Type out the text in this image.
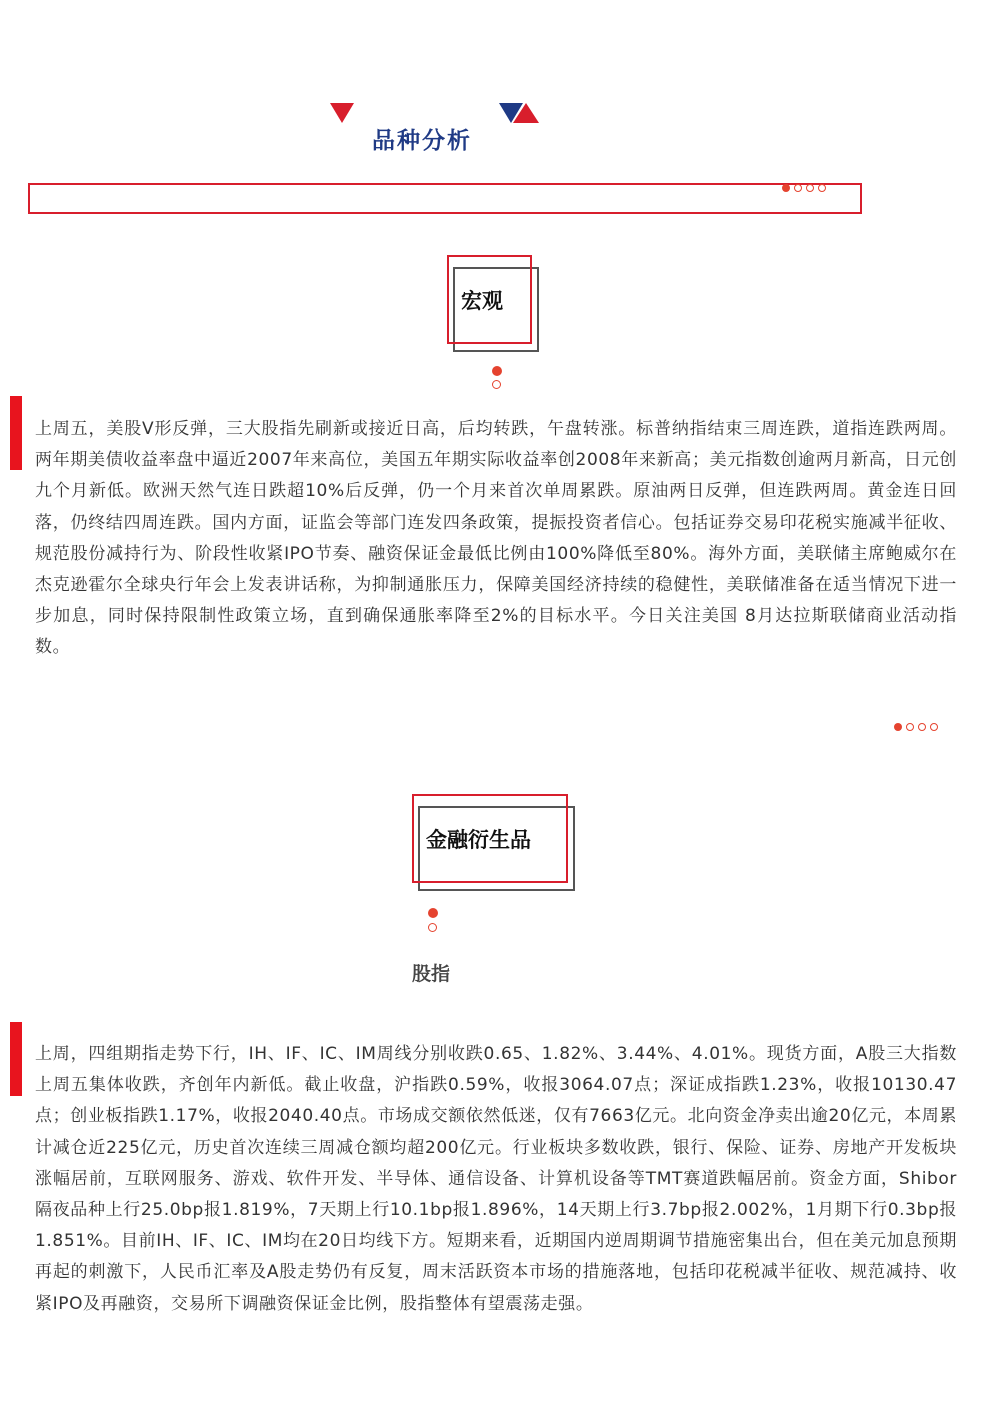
品种分析
宏观
上周五，美股V形反弹，三大股指先刷新或接近日高，后均转跌，午盘转涨。标普纳指结束三周连跌，道指连跌两周。两年期美债收益率盘中逼近2007年来高位，美国五年期实际收益率创2008年来新高；美元指数创逾两月新高，日元创九个月新低。欧洲天然气连日跌超10%后反弹，仍一个月来首次单周累跌。原油两日反弹，但连跌两周。黄金连日回落，仍终结四周连跌。国内方面，证监会等部门连发四条政策，提振投资者信心。包括证券交易印花税实施减半征收、规范股份减持行为、阶段性收紧IPO节奏、融资保证金最低比例由100%降低至80%。海外方面，美联储主席鲍威尔在杰克逊霍尔全球央行年会上发表讲话称，为抑制通胀压力，保障美国经济持续的稳健性，美联储准备在适当情况下进一步加息，同时保持限制性政策立场，直到确保通胀率降至2%的目标水平。今日关注美国 8月达拉斯联储商业活动指数。
金融衍生品
股指
上周，四组期指走势下行，IH、IF、IC、IM周线分别收跌0.65、1.82%、3.44%、4.01%。现货方面，A股三大指数上周五集体收跌，齐创年内新低。截止收盘，沪指跌0.59%，收报3064.07点；深证成指跌1.23%，收报10130.47点；创业板指跌1.17%，收报2040.40点。市场成交额依然低迷，仅有7663亿元。北向资金净卖出逾20亿元，本周累计减仓近225亿元，历史首次连续三周减仓额均超200亿元。行业板块多数收跌，银行、保险、证券、房地产开发板块涨幅居前，互联网服务、游戏、软件开发、半导体、通信设备、计算机设备等TMT赛道跌幅居前。资金方面，Shibor隔夜品种上行25.0bp报1.819%，7天期上行10.1bp报1.896%，14天期上行3.7bp报2.002%，1月期下行0.3bp报1.851%。目前IH、IF、IC、IM均在20日均线下方。短期来看，近期国内逆周期调节措施密集出台，但在美元加息预期再起的刺激下，人民币汇率及A股走势仍有反复，周末活跃资本市场的措施落地，包括印花税减半征收、规范减持、收紧IPO及再融资，交易所下调融资保证金比例，股指整体有望震荡走强。
